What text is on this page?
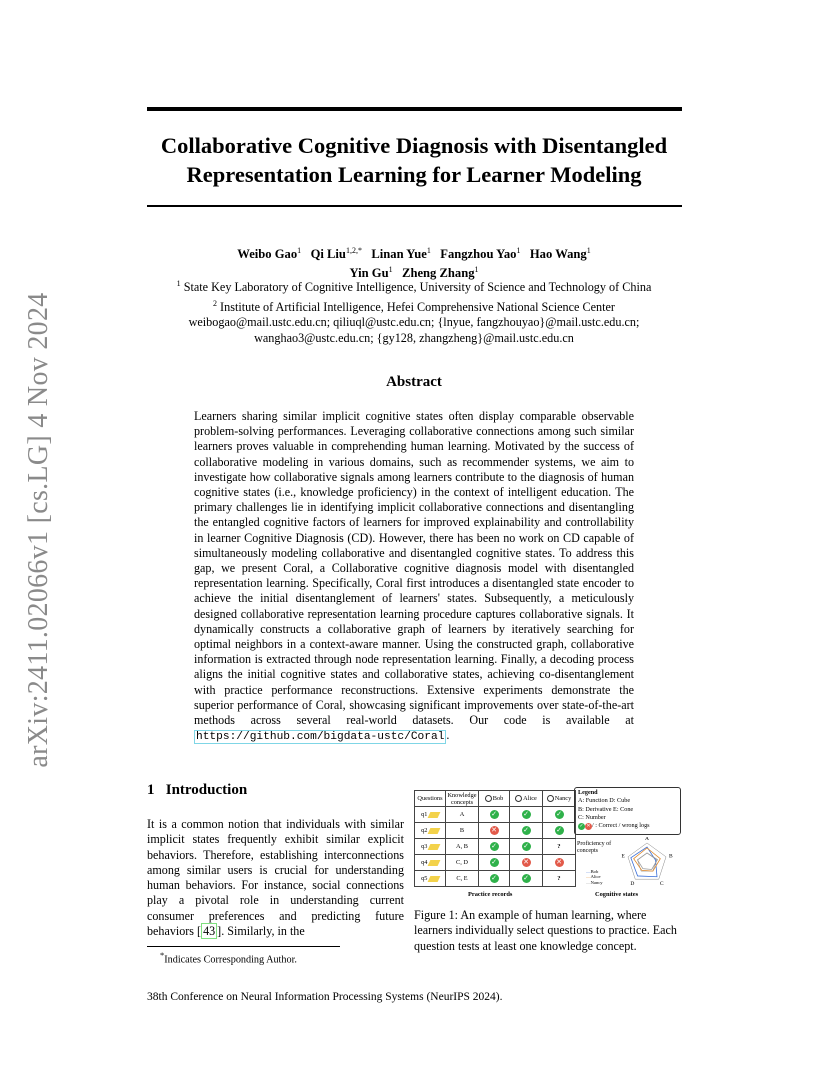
arXiv:2411.02066v1 [cs.LG] 4 Nov 2024
Collaborative Cognitive Diagnosis with Disentangled
Representation Learning for Learner Modeling
Weibo Gao$^1$ Qi Liu$^{1,2,*}$ Linan Yue$^1$ Fangzhou Yao$^1$ Hao Wang$^1$
Yin Gu$^1$ Zheng Zhang$^1$
$^1$ State Key Laboratory of Cognitive Intelligence, University of Science and Technology of China
$^2$ Institute of Artificial Intelligence, Hefei Comprehensive National Science Center
weibogao@mail.ustc.edu.cn; qiliuql@ustc.edu.cn; {lnyue, fangzhouyao}@mail.ustc.edu.cn;
wanghao3@ustc.edu.cn; {gy128, zhangzheng}@mail.ustc.edu.cn
Abstract
Learners sharing similar implicit cognitive states often display comparable observable problem-solving performances. Leveraging collaborative connections among such similar learners proves valuable in comprehending human learning. Motivated by the success of collaborative modeling in various domains, such as recommender systems, we aim to investigate how collaborative signals among learners contribute to the diagnosis of human cognitive states (i.e., knowledge proficiency) in the context of intelligent education. The primary challenges lie in identifying implicit collaborative connections and disentangling the entangled cognitive factors of learners for improved explainability and controllability in learner Cognitive Diagnosis (CD). However, there has been no work on CD capable of simultaneously modeling collaborative and disentangled cognitive states. To address this gap, we present Coral, a Collaborative cognitive diagnosis model with disentangled representation learning. Specifically, Coral first introduces a disentangled state encoder to achieve the initial disentanglement of learners' states. Subsequently, a meticulously designed collaborative representation learning procedure captures collaborative signals. It dynamically constructs a collaborative graph of learners by iteratively searching for optimal neighbors in a context-aware manner. Using the constructed graph, collaborative information is extracted through node representation learning. Finally, a decoding process aligns the initial cognitive states and collaborative states, achieving co-disentanglement with practice performance reconstructions. Extensive experiments demonstrate the superior performance of Coral, showcasing significant improvements over state-of-the-art methods across several real-world datasets. Our code is available at https://github.com/bigdata-ustc/Coral .
1 Introduction
It is a common notion that individuals with similar implicit states frequently exhibit similar explicit behaviors. Therefore, establishing interconnections among similar users is crucial for understanding human behaviors. For instance, social connections play a pivotal role in understanding current consumer preferences and predicting future behaviors [ 43 ]. Similarly, in the
*Indicates Corresponding Author.
38th Conference on Neural Information Processing Systems (NeurIPS 2024).
Questions	Knowledge concepts	Bob	Alice	Nancy
q1	A	✓	✓	✓
q2	B	✕	✓	✓
q3	A, B	✓	✓	?
q4	C, D	✓	✕	✕
q5	C, E	✓	✓	?
Practice records
Legend
A: Function D: Cube
B: Derivative E: Cone
C: Number
✓ ✕/ : Correct / wrong logs
Proficiency of concepts
A
B
C
D
E
—Bob
—Alice
—Nancy
Cognitive states
Figure 1: An example of human learning, where learners individually select questions to practice. Each question tests at least one knowledge concept.
